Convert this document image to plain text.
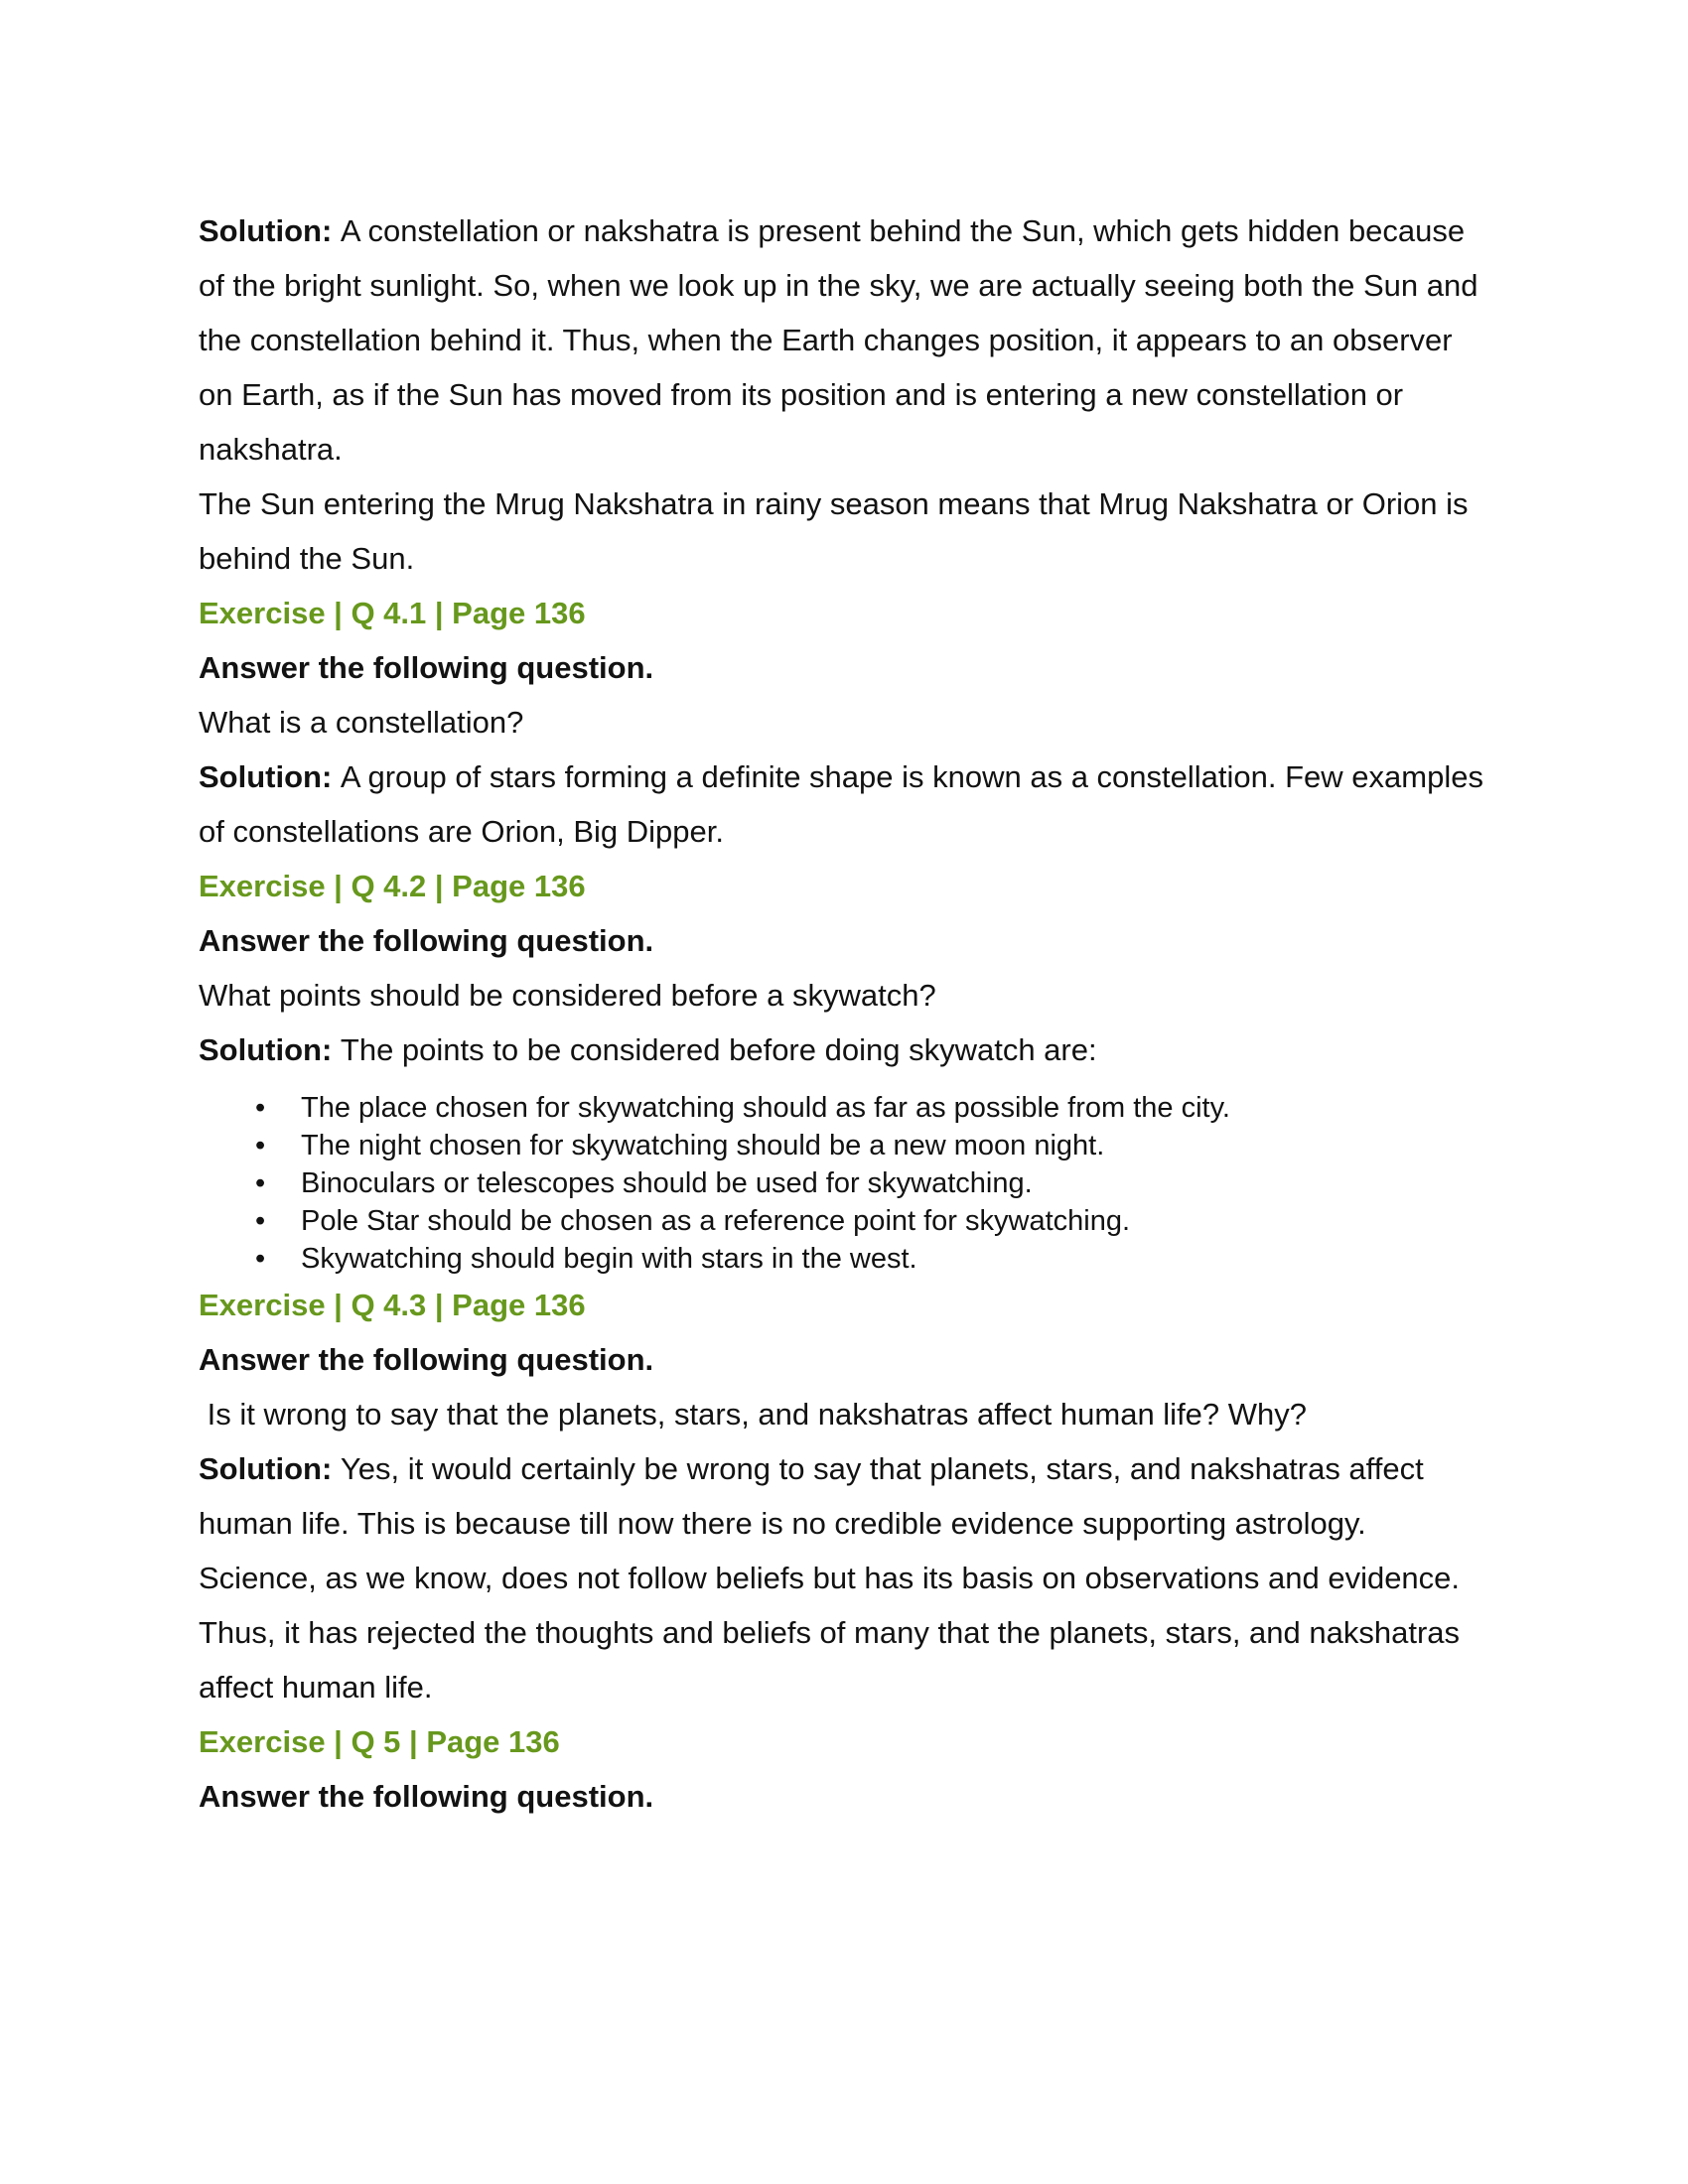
Solution: A constellation or nakshatra is present behind the Sun, which gets hidden because of the bright sunlight. So, when we look up in the sky, we are actually seeing both the Sun and the constellation behind it. Thus, when the Earth changes position, it appears to an observer on Earth, as if the Sun has moved from its position and is entering a new constellation or nakshatra.

The Sun entering the Mrug Nakshatra in rainy season means that Mrug Nakshatra or Orion is behind the Sun.

Exercise | Q 4.1 | Page 136

Answer the following question.

What is a constellation?

Solution: A group of stars forming a definite shape is known as a constellation. Few examples of constellations are Orion, Big Dipper.

Exercise | Q 4.2 | Page 136

Answer the following question.

What points should be considered before a skywatch?

Solution: The points to be considered before doing skywatch are:

• The place chosen for skywatching should as far as possible from the city.
• The night chosen for skywatching should be a new moon night.
• Binoculars or telescopes should be used for skywatching.
• Pole Star should be chosen as a reference point for skywatching.
• Skywatching should begin with stars in the west.

Exercise | Q 4.3 | Page 136

Answer the following question.

Is it wrong to say that the planets, stars, and nakshatras affect human life? Why?

Solution: Yes, it would certainly be wrong to say that planets, stars, and nakshatras affect human life. This is because till now there is no credible evidence supporting astrology. Science, as we know, does not follow beliefs but has its basis on observations and evidence. Thus, it has rejected the thoughts and beliefs of many that the planets, stars, and nakshatras affect human life.

Exercise | Q 5 | Page 136

Answer the following question.
